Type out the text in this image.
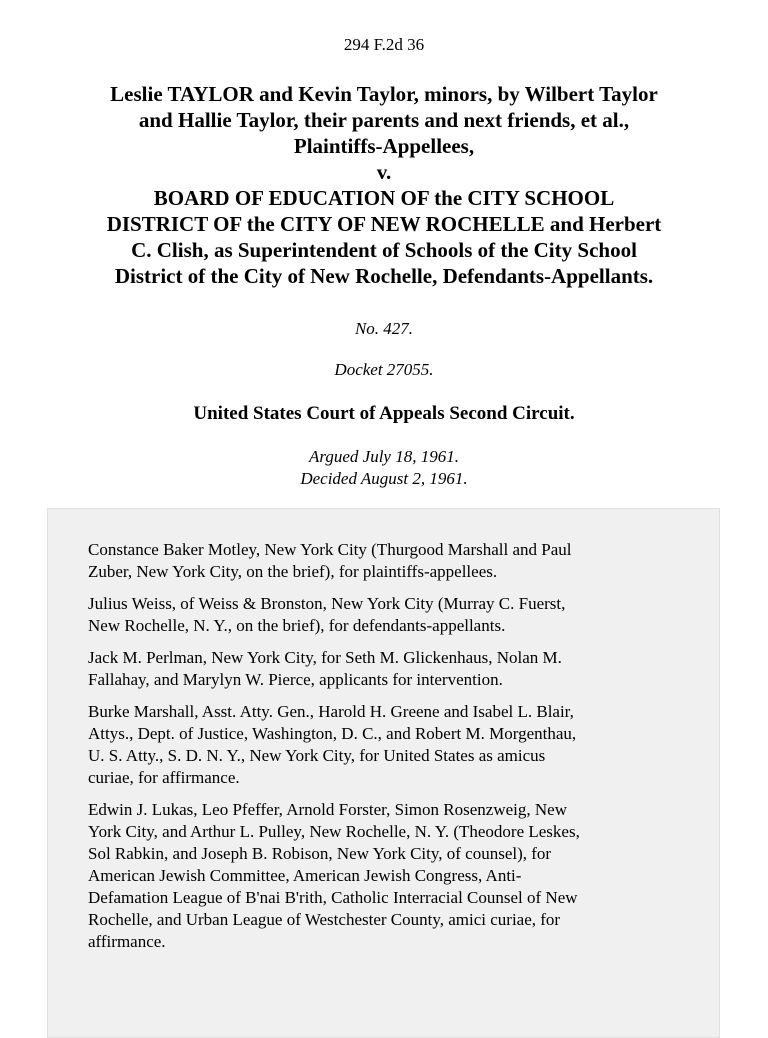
294 F.2d 36
Leslie TAYLOR and Kevin Taylor, minors, by Wilbert Taylor
and Hallie Taylor, their parents and next friends, et al.,
Plaintiffs-Appellees,
v.
BOARD OF EDUCATION OF the CITY SCHOOL
DISTRICT OF the CITY OF NEW ROCHELLE and Herbert
C. Clish, as Superintendent of Schools of the City School
District of the City of New Rochelle, Defendants-Appellants.
No. 427.
Docket 27055.
United States Court of Appeals Second Circuit.
Argued July 18, 1961.
Decided August 2, 1961.
Constance Baker Motley, New York City (Thurgood Marshall and Paul
Zuber, New York City, on the brief), for plaintiffs-appellees.
Julius Weiss, of Weiss & Bronston, New York City (Murray C. Fuerst,
New Rochelle, N. Y., on the brief), for defendants-appellants.
Jack M. Perlman, New York City, for Seth M. Glickenhaus, Nolan M.
Fallahay, and Marylyn W. Pierce, applicants for intervention.
Burke Marshall, Asst. Atty. Gen., Harold H. Greene and Isabel L. Blair,
Attys., Dept. of Justice, Washington, D. C., and Robert M. Morgenthau,
U. S. Atty., S. D. N. Y., New York City, for United States as amicus
curiae, for affirmance.
Edwin J. Lukas, Leo Pfeffer, Arnold Forster, Simon Rosenzweig, New
York City, and Arthur L. Pulley, New Rochelle, N. Y. (Theodore Leskes,
Sol Rabkin, and Joseph B. Robison, New York City, of counsel), for
American Jewish Committee, American Jewish Congress, Anti-
Defamation League of B'nai B'rith, Catholic Interracial Counsel of New
Rochelle, and Urban League of Westchester County, amici curiae, for
affirmance.
